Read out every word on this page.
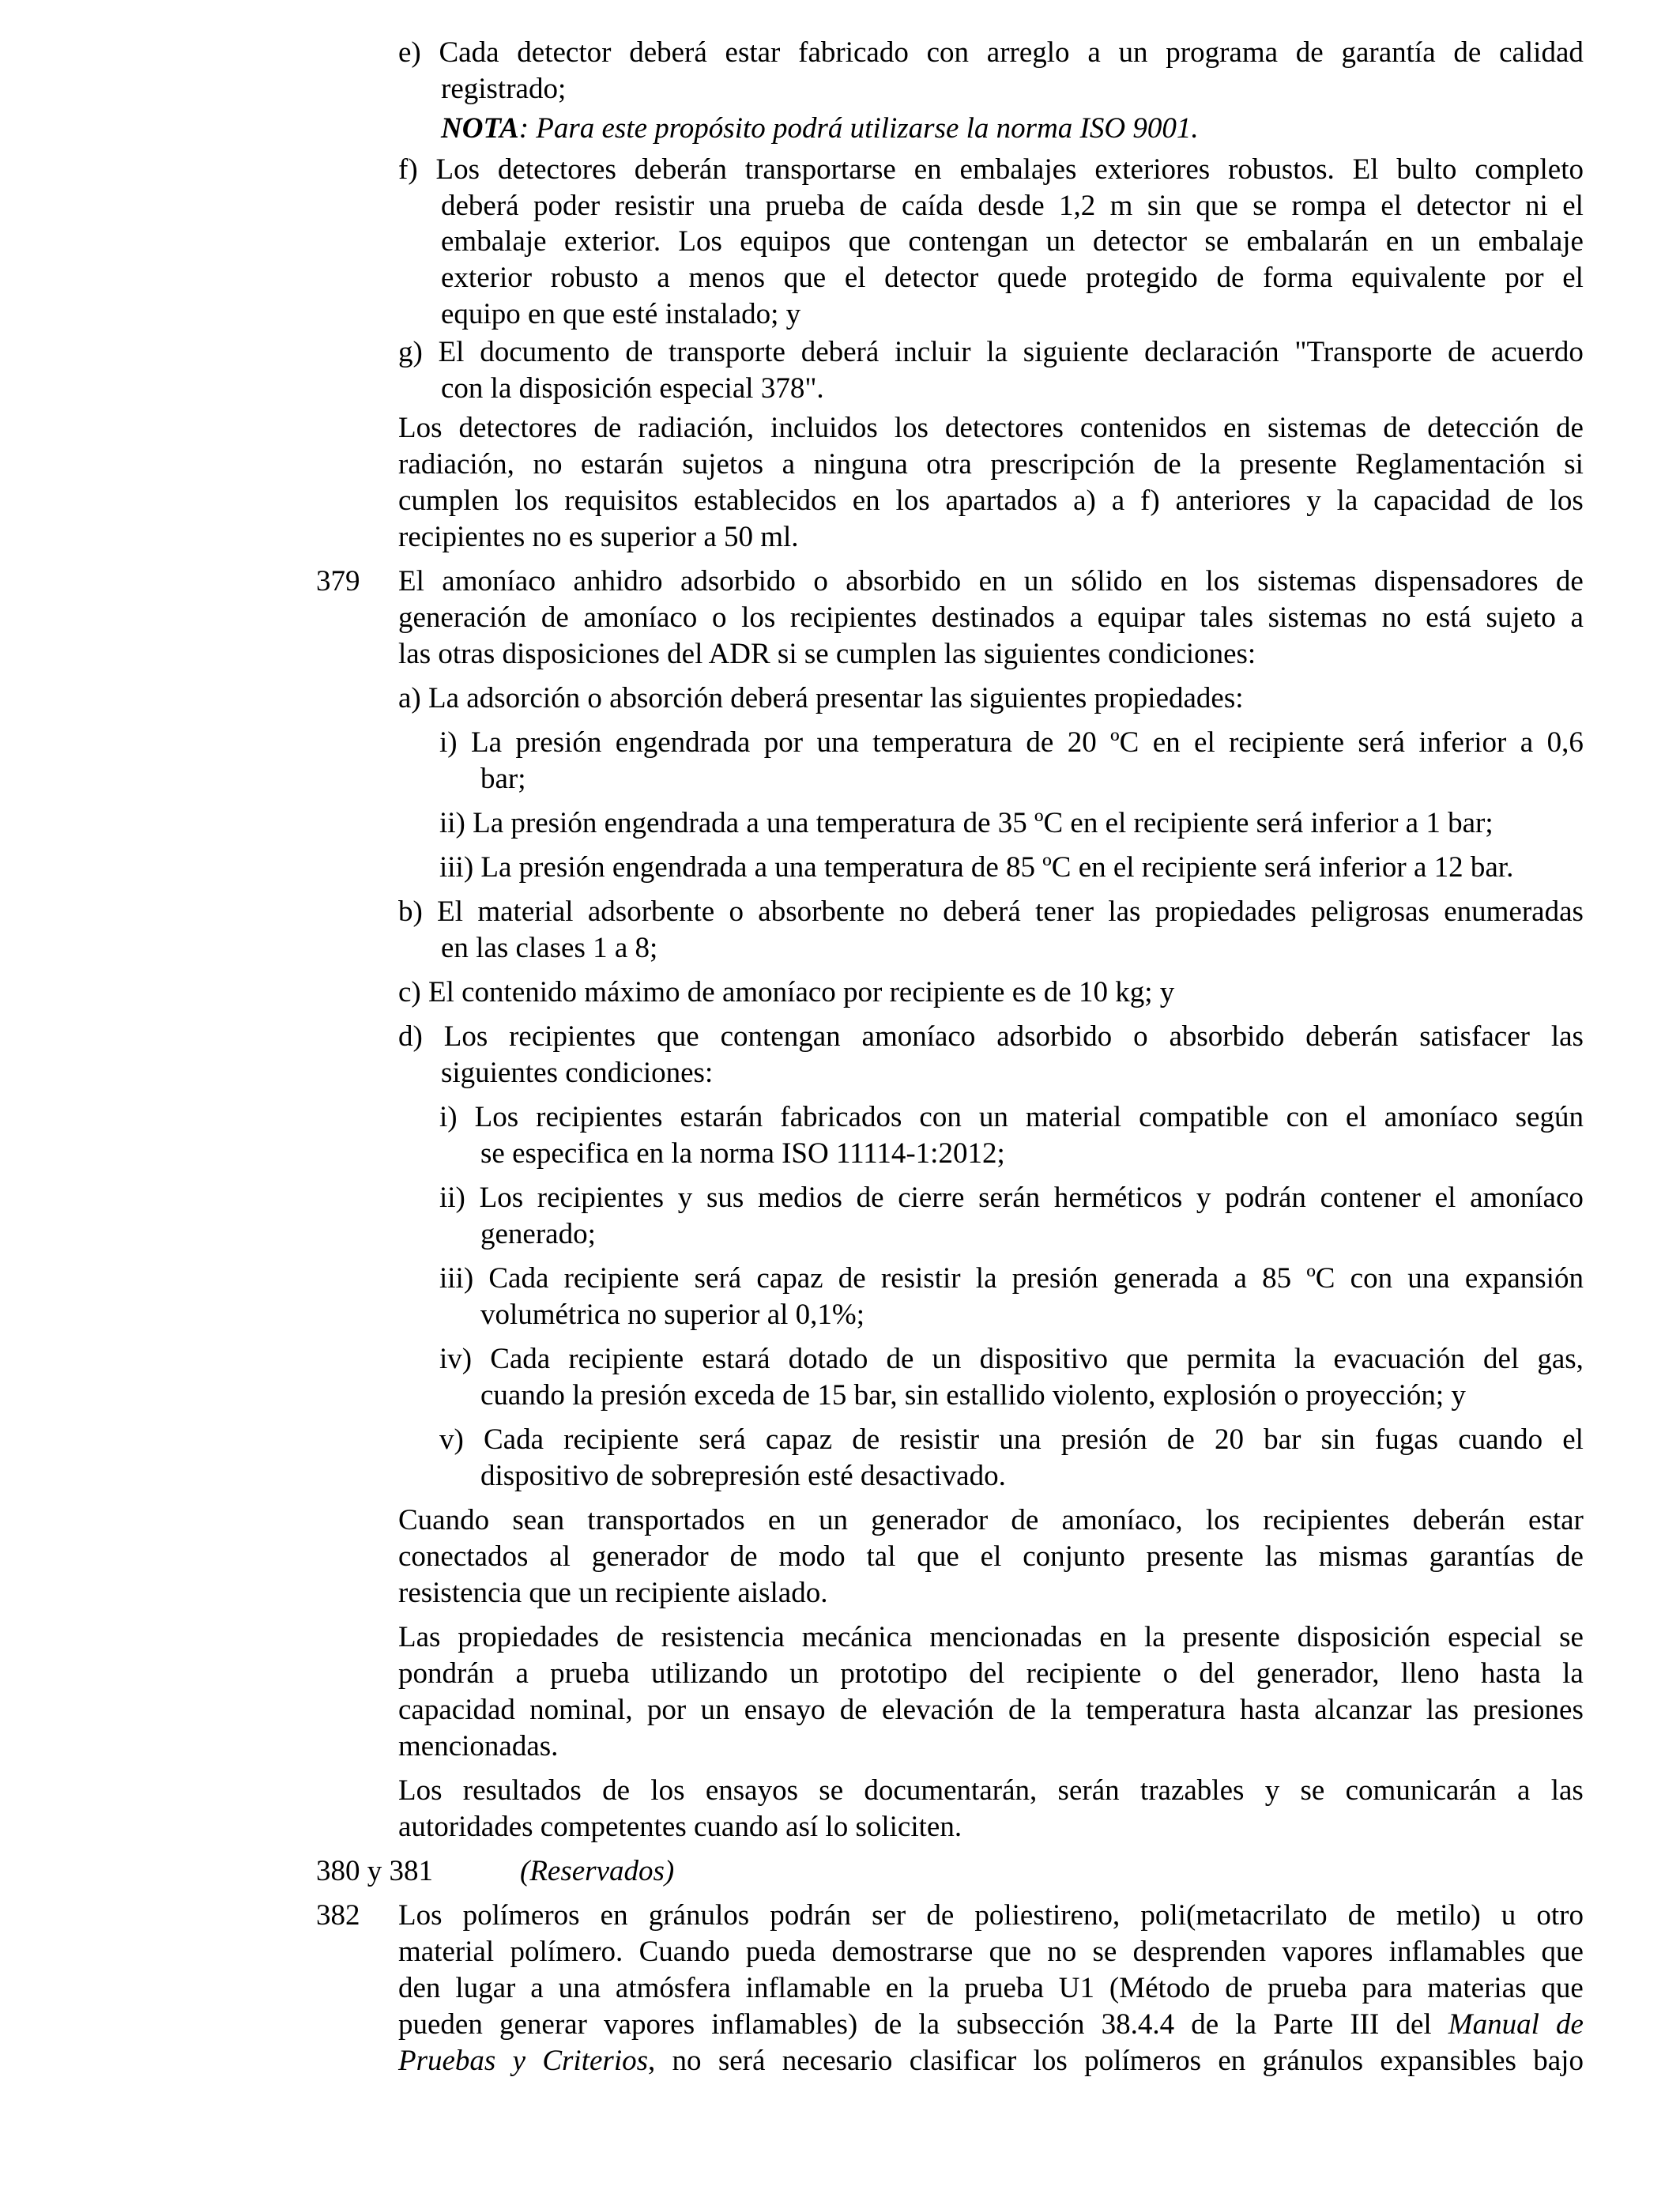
e) Cada detector deberá estar fabricado con arreglo a un programa de garantía de calidad
registrado;
NOTA: Para este propósito podrá utilizarse la norma ISO 9001.
f) Los detectores deberán transportarse en embalajes exteriores robustos. El bulto completo
deberá poder resistir una prueba de caída desde 1,2 m sin que se rompa el detector ni el
embalaje exterior. Los equipos que contengan un detector se embalarán en un embalaje
exterior robusto a menos que el detector quede protegido de forma equivalente por el
equipo en que esté instalado; y
g) El documento de transporte deberá incluir la siguiente declaración "Transporte de acuerdo
con la disposición especial 378".
Los detectores de radiación, incluidos los detectores contenidos en sistemas de detección de
radiación, no estarán sujetos a ninguna otra prescripción de la presente Reglamentación si
cumplen los requisitos establecidos en los apartados a) a f) anteriores y la capacidad de los
recipientes no es superior a 50 ml.
El amoníaco anhidro adsorbido o absorbido en un sólido en los sistemas dispensadores de
generación de amoníaco o los recipientes destinados a equipar tales sistemas no está sujeto a
las otras disposiciones del ADR si se cumplen las siguientes condiciones:
a) La adsorción o absorción deberá presentar las siguientes propiedades:
i) La presión engendrada por una temperatura de 20 ºC en el recipiente será inferior a 0,6
bar;
ii) La presión engendrada a una temperatura de 35 ºC en el recipiente será inferior a 1 bar;
iii) La presión engendrada a una temperatura de 85 ºC en el recipiente será inferior a 12 bar.
b) El material adsorbente o absorbente no deberá tener las propiedades peligrosas enumeradas
en las clases 1 a 8;
c) El contenido máximo de amoníaco por recipiente es de 10 kg; y
d) Los recipientes que contengan amoníaco adsorbido o absorbido deberán satisfacer las
siguientes condiciones:
i) Los recipientes estarán fabricados con un material compatible con el amoníaco según
se especifica en la norma ISO 11114-1:2012;
ii) Los recipientes y sus medios de cierre serán herméticos y podrán contener el amoníaco
generado;
iii) Cada recipiente será capaz de resistir la presión generada a 85 ºC con una expansión
volumétrica no superior al 0,1%;
iv) Cada recipiente estará dotado de un dispositivo que permita la evacuación del gas,
cuando la presión exceda de 15 bar, sin estallido violento, explosión o proyección; y
v) Cada recipiente será capaz de resistir una presión de 20 bar sin fugas cuando el
dispositivo de sobrepresión esté desactivado.
Cuando sean transportados en un generador de amoníaco, los recipientes deberán estar
conectados al generador de modo tal que el conjunto presente las mismas garantías de
resistencia que un recipiente aislado.
Las propiedades de resistencia mecánica mencionadas en la presente disposición especial se
pondrán a prueba utilizando un prototipo del recipiente o del generador, lleno hasta la
capacidad nominal, por un ensayo de elevación de la temperatura hasta alcanzar las presiones
mencionadas.
Los resultados de los ensayos se documentarán, serán trazables y se comunicarán a las
autoridades competentes cuando así lo soliciten.
(Reservados)
Los polímeros en gránulos podrán ser de poliestireno, poli(metacrilato de metilo) u otro
material polímero. Cuando pueda demostrarse que no se desprenden vapores inflamables que
den lugar a una atmósfera inflamable en la prueba U1 (Método de prueba para materias que
pueden generar vapores inflamables) de la subsección 38.4.4 de la Parte III del Manual de
Pruebas y Criterios, no será necesario clasificar los polímeros en gránulos expansibles bajo
379
380 y 381
382
